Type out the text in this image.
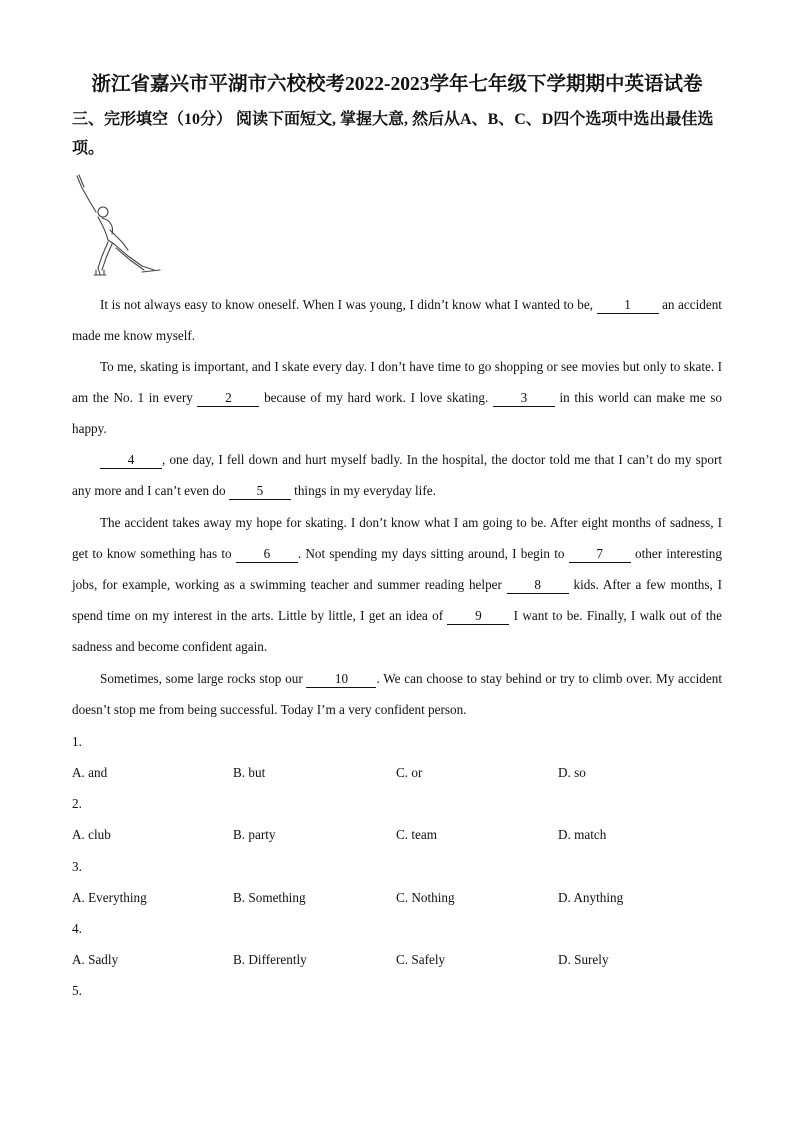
浙江省嘉兴市平湖市六校校考2022-2023学年七年级下学期期中英语试卷
三、完形填空（10分） 阅读下面短文, 掌握大意, 然后从A、B、C、D四个选项中选出最佳选项。
It is not always easy to know oneself. When I was young, I didn’t know what I wanted to be, 1 an accident made me know myself.
To me, skating is important, and I skate every day. I don’t have time to go shopping or see movies but only to skate. I am the No. 1 in every 2 because of my hard work. I love skating. 3 in this world can make me so happy.
4 , one day, I fell down and hurt myself badly. In the hospital, the doctor told me that I can’t do my sport any more and I can’t even do 5 things in my everyday life.
The accident takes away my hope for skating. I don’t know what I am going to be. After eight months of sadness, I get to know something has to 6 . Not spending my days sitting around, I begin to 7 other interesting jobs, for example, working as a swimming teacher and summer reading helper 8 kids. After a few months, I spend time on my interest in the arts. Little by little, I get an idea of 9 I want to be. Finally, I walk out of the sadness and become confident again.
Sometimes, some large rocks stop our 10 . We can choose to stay behind or try to climb over. My accident doesn’t stop me from being successful. Today I’m a very confident person.
1.
A. and	B. but	C. or	D. so
2.
A. club	B. party	C. team	D. match
3.
A. Everything	B. Something	C. Nothing	D. Anything
4.
A. Sadly	B. Differently	C. Safely	D. Surely
5.
